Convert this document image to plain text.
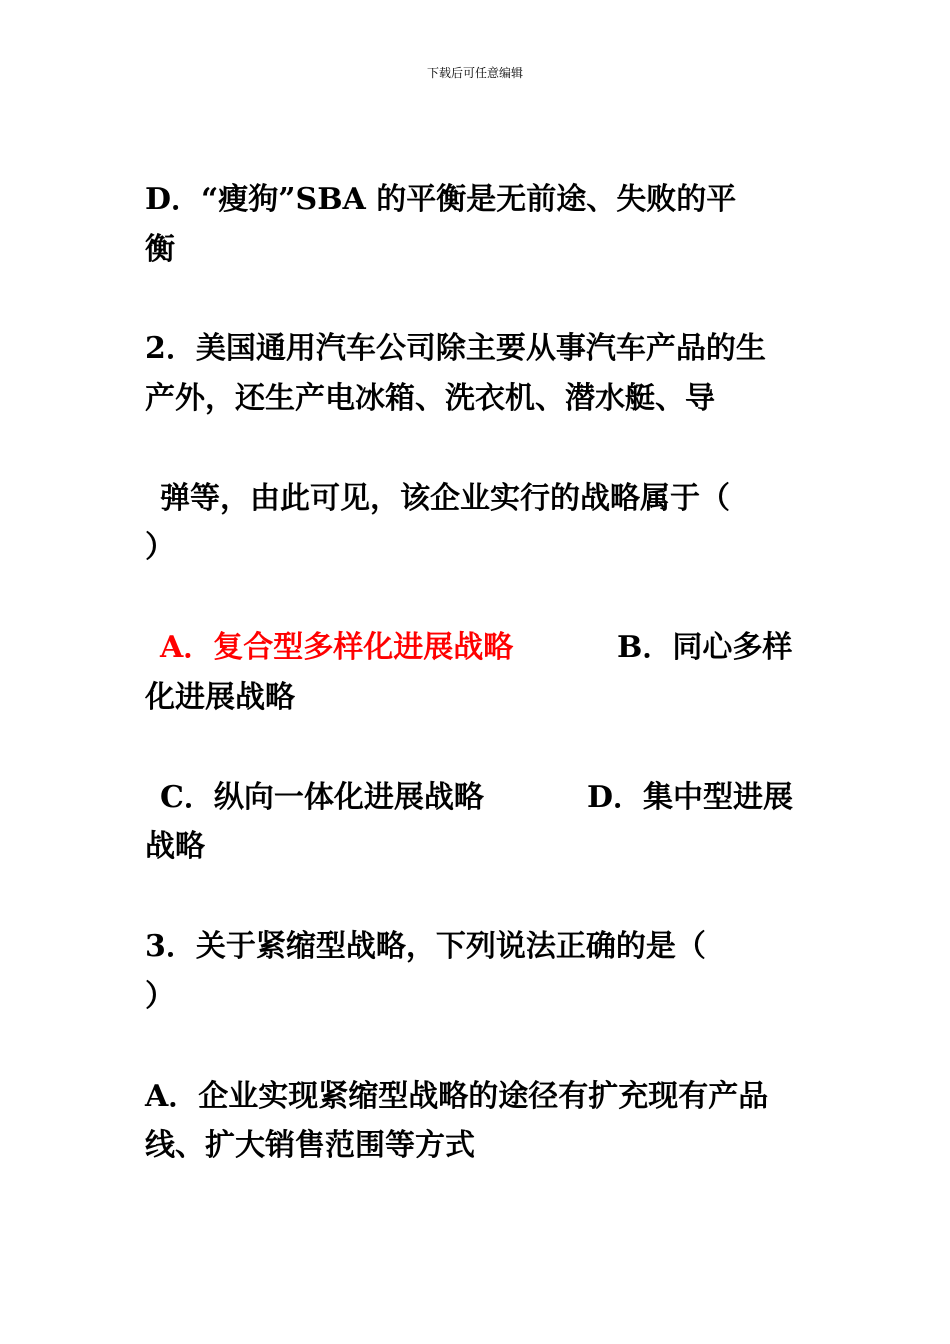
下载后可任意编辑
D．“瘦狗”SBA 的平衡是无前途、失败的平
衡
2．美国通用汽车公司除主要从事汽车产品的生
产外，还生产电冰箱、洗衣机、潜水艇、导
弹等，由此可见，该企业实行的战略属于（
）
A．复合型多样化进展战略	B．同心多样
化进展战略
C．纵向一体化进展战略	D．集中型进展
战略
3．关于紧缩型战略，下列说法正确的是（
）
A．企业实现紧缩型战略的途径有扩充现有产品
线、扩大销售范围等方式
